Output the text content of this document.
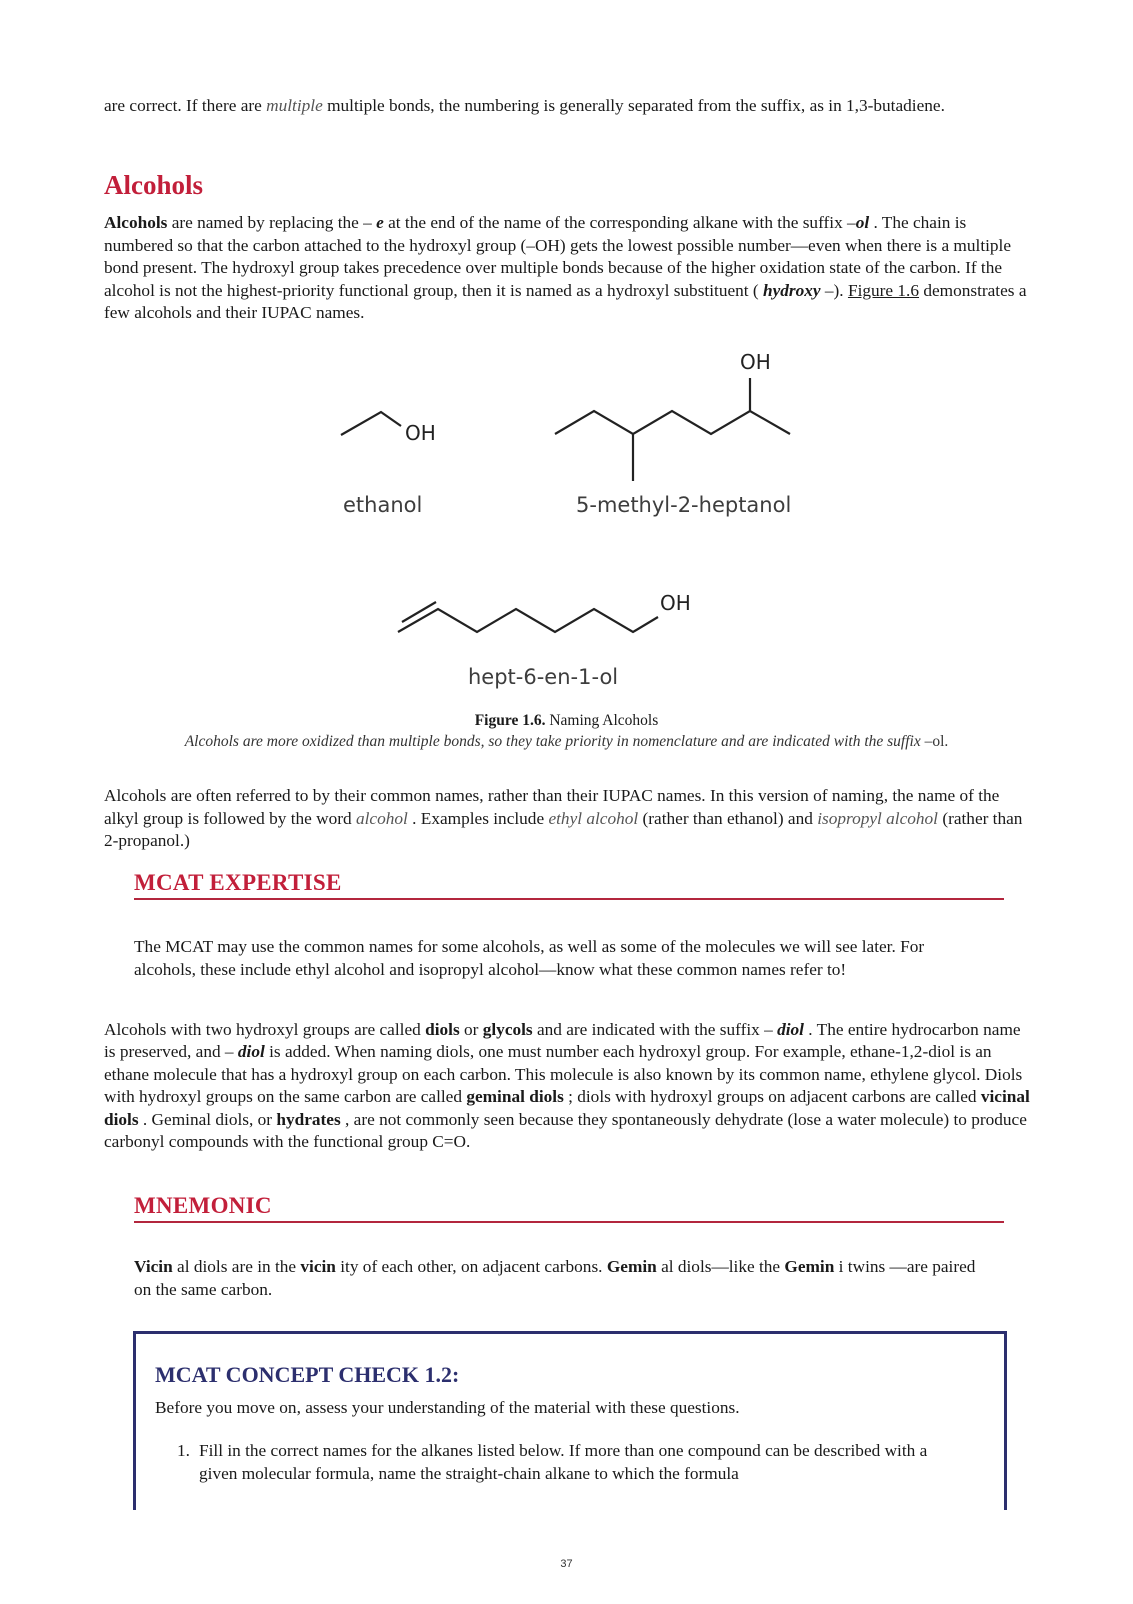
are correct. If there are multiple multiple bonds, the numbering is generally separated from the suffix, as in 1,3-butadiene.
Alcohols
Alcohols are named by replacing the – e at the end of the name of the corresponding alkane with the suffix –ol . The chain is numbered so that the carbon attached to the hydroxyl group (–OH) gets the lowest possible number—even when there is a multiple bond present. The hydroxyl group takes precedence over multiple bonds because of the higher oxidation state of the carbon. If the alcohol is not the highest-priority functional group, then it is named as a hydroxyl substituent ( hydroxy –). Figure 1.6 demonstrates a few alcohols and their IUPAC names.
OH
ethanol
OH
5-methyl-2-heptanol
OH
hept-6-en-1-ol
Figure 1.6. Naming Alcohols
Alcohols are more oxidized than multiple bonds, so they take priority in nomenclature and are indicated with the suffix –ol.
Alcohols are often referred to by their common names, rather than their IUPAC names. In this version of naming, the name of the alkyl group is followed by the word alcohol . Examples include ethyl alcohol (rather than ethanol) and isopropyl alcohol (rather than 2-propanol.)
MCAT EXPERTISE
The MCAT may use the common names for some alcohols, as well as some of the molecules we will see later. For alcohols, these include ethyl alcohol and isopropyl alcohol—know what these common names refer to!
Alcohols with two hydroxyl groups are called diols or glycols and are indicated with the suffix – diol . The entire hydrocarbon name is preserved, and – diol is added. When naming diols, one must number each hydroxyl group. For example, ethane-1,2-diol is an ethane molecule that has a hydroxyl group on each carbon. This molecule is also known by its common name, ethylene glycol. Diols with hydroxyl groups on the same carbon are called geminal diols ; diols with hydroxyl groups on adjacent carbons are called vicinal diols . Geminal diols, or hydrates , are not commonly seen because they spontaneously dehydrate (lose a water molecule) to produce carbonyl compounds with the functional group C=O.
MNEMONIC
Vicin al diols are in the vicin ity of each other, on adjacent carbons. Gemin al diols—like the Gemin i twins —are paired on the same carbon.
MCAT CONCEPT CHECK 1.2:
Before you move on, assess your understanding of the material with these questions.
1. Fill in the correct names for the alkanes listed below. If more than one compound can be described with a given molecular formula, name the straight-chain alkane to which the formula
37
